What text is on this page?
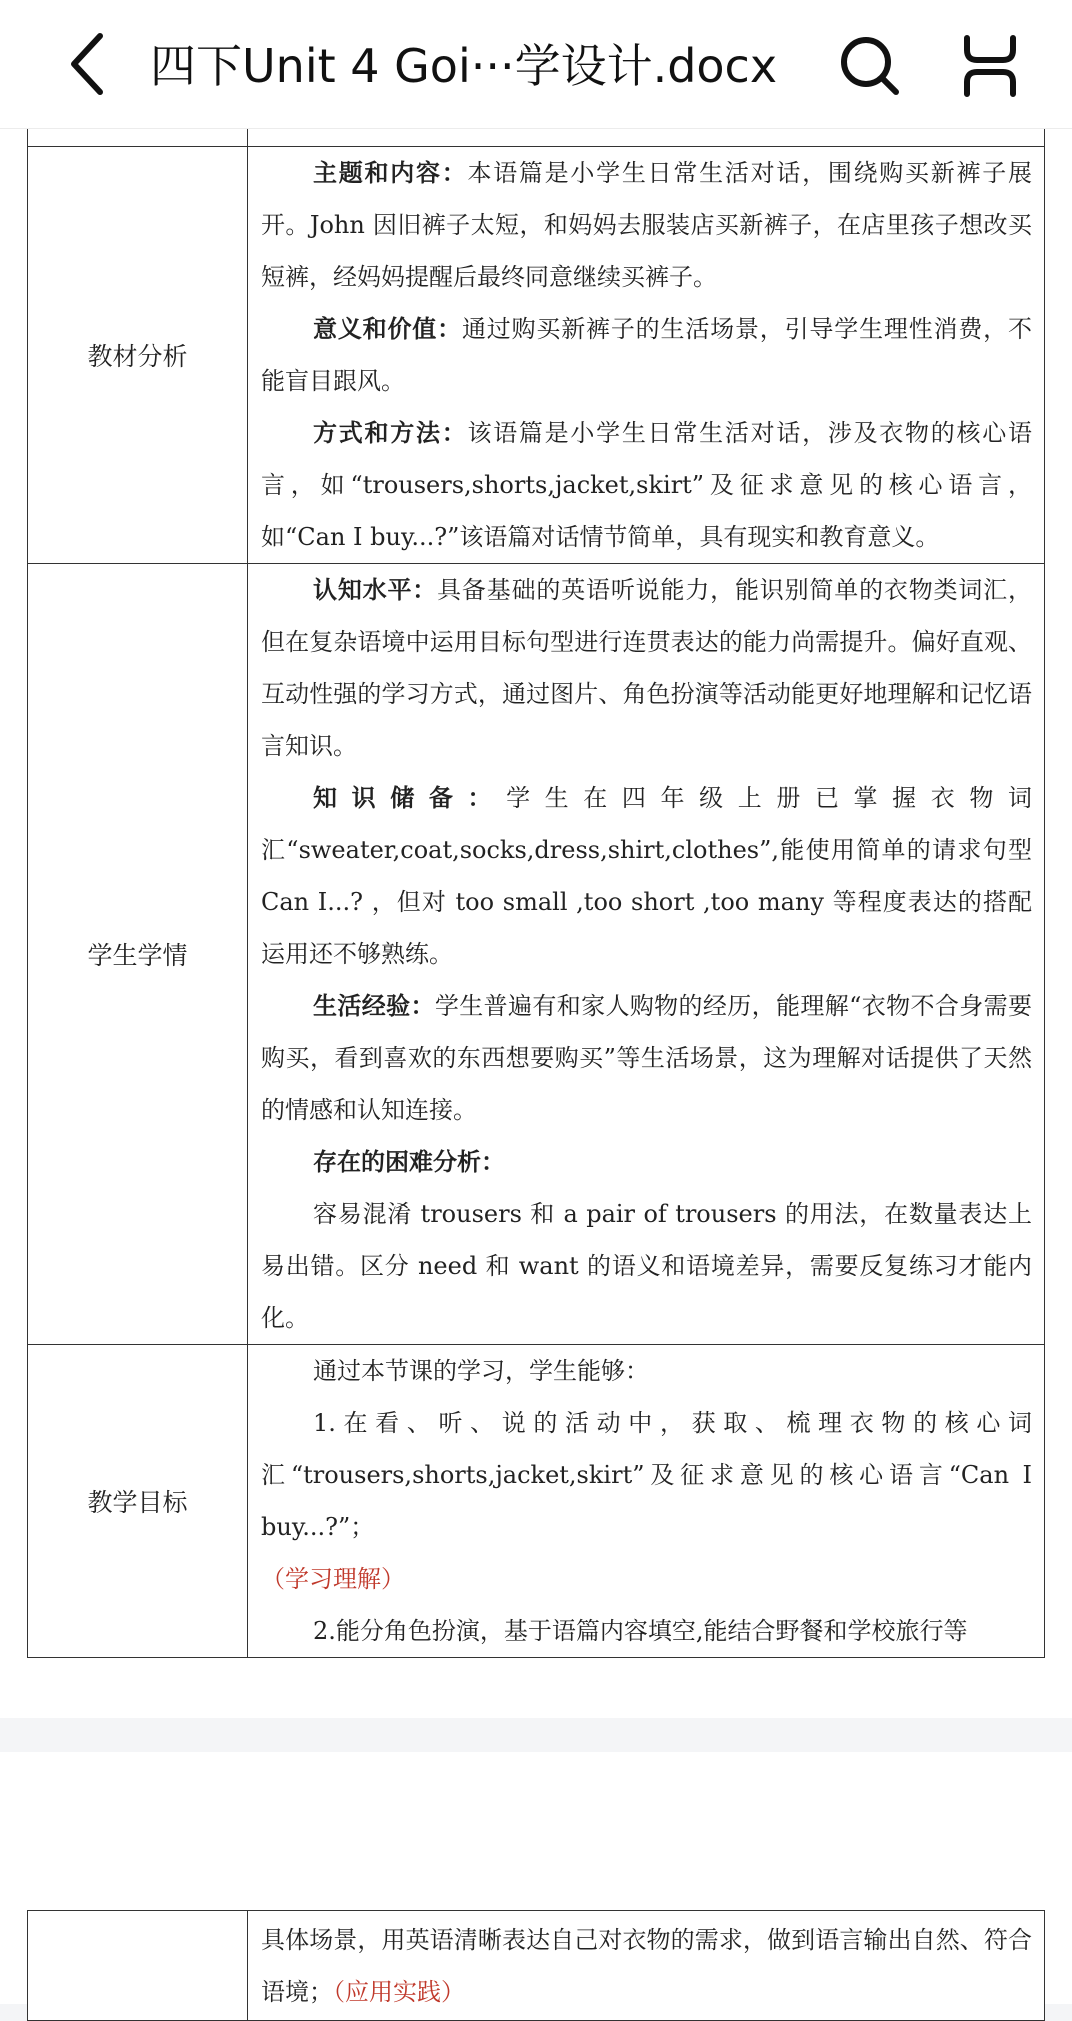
四下Unit 4 Goi···学设计.docx

教材分析	主题和内容：本语篇是小学生日常生活对话，围绕购买新裤子展开。John 因旧裤子太短，和妈妈去服装店买新裤子，在店里孩子想改买短裤，经妈妈提醒后最终同意继续买裤子。

意义和价值：通过购买新裤子的生活场景，引导学生理性消费，不能盲目跟风。

方式和方法：该语篇是小学生日常生活对话，涉及衣物的核心语言，如“trousers,shorts,jacket,skirt”及征求意见的核心语言，如“Can I buy...?”该语篇对话情节简单，具有现实和教育意义。

学生学情	认知水平：具备基础的英语听说能力，能识别简单的衣物类词汇，但在复杂语境中运用目标句型进行连贯表达的能力尚需提升。偏好直观、互动性强的学习方式，通过图片、角色扮演等活动能更好地理解和记忆语言知识。

知识储备：学生在四年级上册已掌握衣物词汇“sweater,coat,socks,dress,shirt,clothes”,能使用简单的请求句型 Can I...? ，但对 too small ,too short ,too many 等程度表达的搭配运用还不够熟练。

生活经验：学生普遍有和家人购物的经历，能理解“衣物不合身需要购买，看到喜欢的东西想要购买”等生活场景，这为理解对话提供了天然的情感和认知连接。

存在的困难分析：

容易混淆 trousers 和 a pair of trousers 的用法，在数量表达上易出错。区分 need 和 want 的语义和语境差异，需要反复练习才能内化。

教学目标	通过本节课的学习，学生能够：

1.在看、听、说的活动中，获取、梳理衣物的核心词汇“trousers,shorts,jacket,skirt”及征求意见的核心语言“Can I buy...?”；
（学习理解）

2.能分角色扮演，基于语篇内容填空,能结合野餐和学校旅行等

具体场景，用英语清晰表达自己对衣物的需求，做到语言输出自然、符合语境；（应用实践）
